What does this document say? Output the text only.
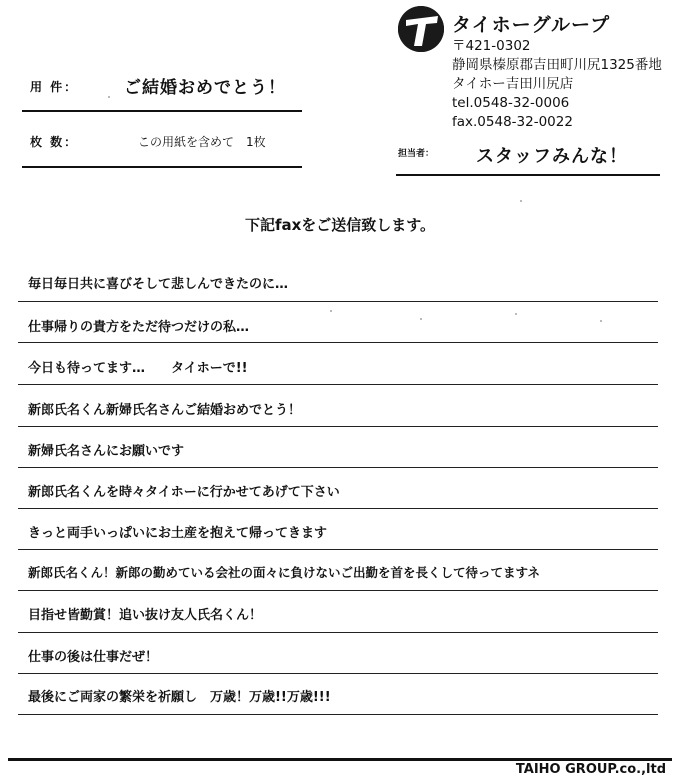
タイホーグループ
〒421-0302
静岡県榛原郡吉田町川尻1325番地
タイホー吉田川尻店
tel.0548-32-0006
fax.0548-32-0022
用 件：	ご結婚おめでとう！
枚 数：	この用紙を含めて　1枚
担当者： スタッフみんな！
下記faxをご送信致します。
毎日毎日共に喜びそして悲しんできたのに…
仕事帰りの貴方をただ待つだけの私…
今日も待ってます…　　タイホーで!!
新郎氏名くん新婦氏名さんご結婚おめでとう！
新婦氏名さんにお願いです
新郎氏名くんを時々タイホーに行かせてあげて下さい
きっと両手いっぱいにお土産を抱えて帰ってきます
新郎氏名くん！新郎の勤めている会社の面々に負けないご出勤を首を長くして待ってますネ
目指せ皆勤賞！追い抜け友人氏名くん！
仕事の後は仕事だぜ！
最後にご両家の繁栄を祈願し　万歳！万歳!!万歳!!!
TAIHO GROUP.co.,ltd
